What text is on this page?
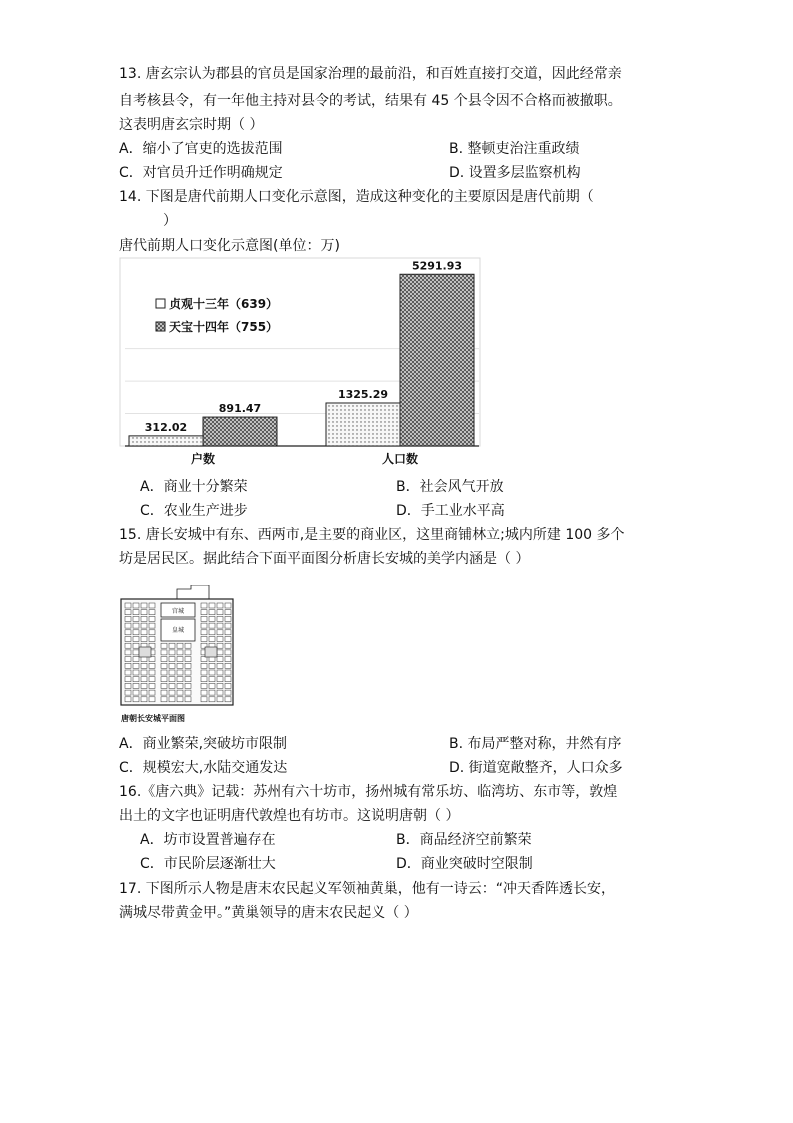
13. 唐玄宗认为郡县的官员是国家治理的最前沿，和百姓直接打交道，因此经常亲
自考核县令，有一年他主持对县令的考试，结果有 45 个县令因不合格而被撤职。
这表明唐玄宗时期（ ）
A．缩小了官吏的选拔范围	B. 整顿吏治注重政绩
C．对官员升迁作明确规定	D. 设置多层监察机构
14. 下图是唐代前期人口变化示意图，造成这种变化的主要原因是唐代前期（
）
唐代前期人口变化示意图(单位：万)
312.02
1325.29
891.47
5291.93
户数	人口数
贞观十三年（639）
天宝十四年（755）
A．商业十分繁荣	B．社会风气开放
C．农业生产进步	D．手工业水平高
15. 唐长安城中有东、西两市,是主要的商业区，这里商铺林立;城内所建 100 多个
坊是居民区。据此结合下面平面图分析唐长安城的美学内涵是（ ）
宫城
皇城
唐朝长安城平面图
A．商业繁荣,突破坊市限制	B. 布局严整对称，井然有序
C．规模宏大,水陆交通发达	D. 街道宽敞整齐，人口众多
16.《唐六典》记载：苏州有六十坊市，扬州城有常乐坊、临湾坊、东市等，敦煌
出土的文字也证明唐代敦煌也有坊市。这说明唐朝（ ）
A．坊市设置普遍存在	B．商品经济空前繁荣
C．市民阶层逐渐壮大	D．商业突破时空限制
17. 下图所示人物是唐末农民起义军领袖黄巢，他有一诗云：“冲天香阵透长安，
满城尽带黄金甲。”黄巢领导的唐末农民起义（ ）
